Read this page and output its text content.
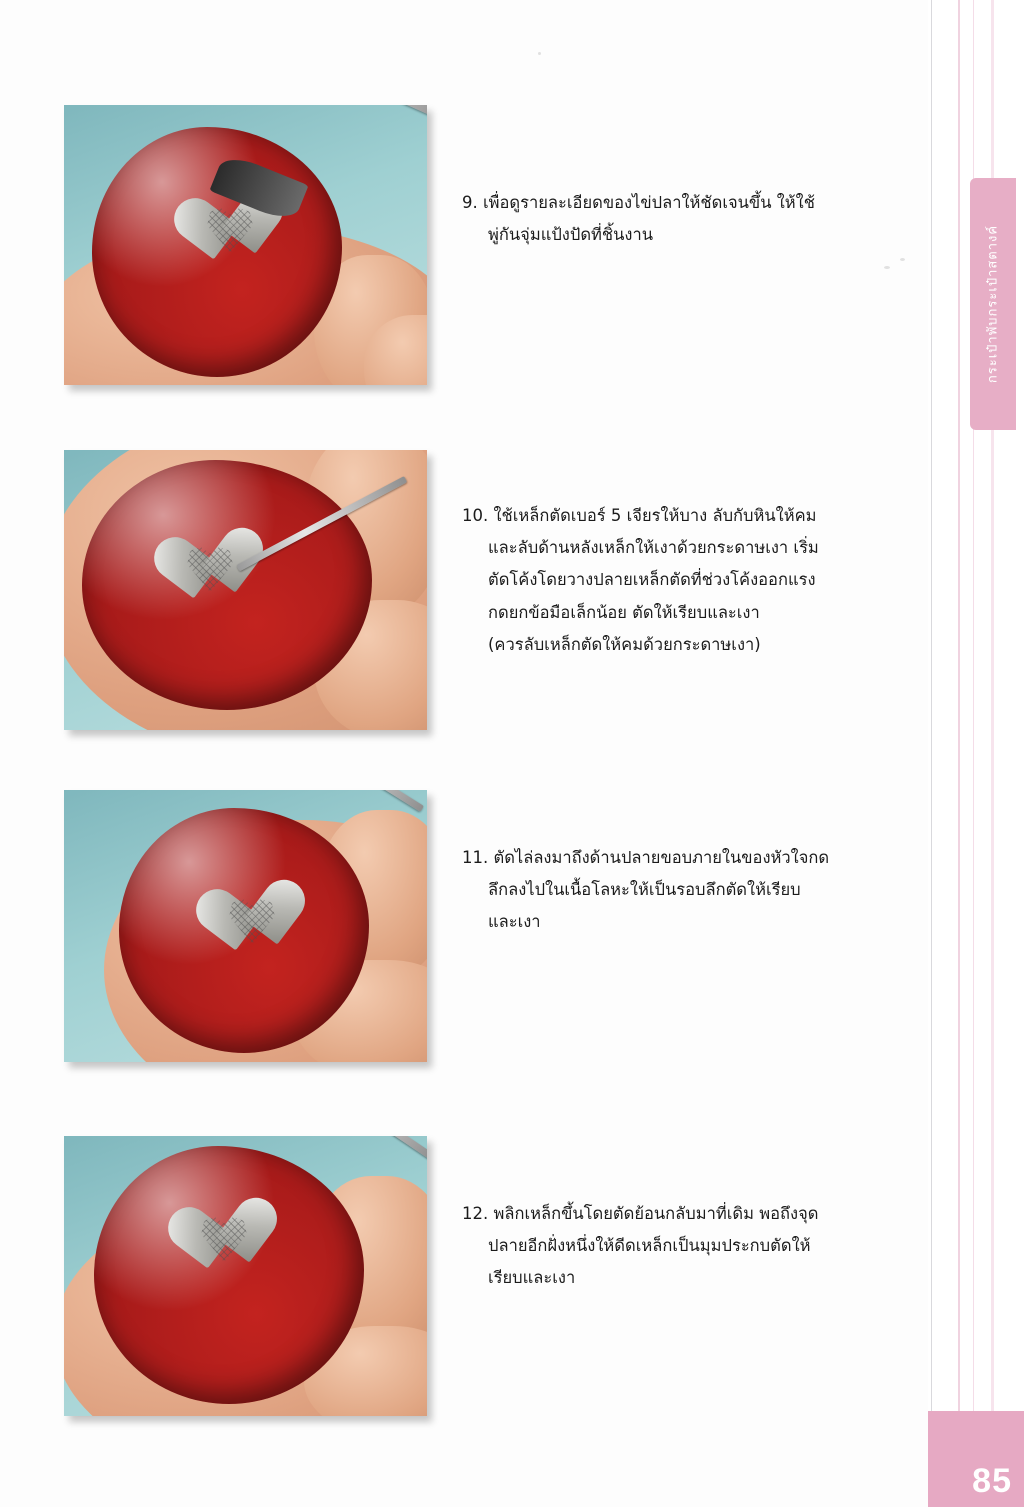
กระเป๋าพับกระเป๋าสตางค์
85
9. เพื่อดูรายละเอียดของไข่ปลาให้ชัดเจนขึ้น ให้ใช้
พู่กันจุ่มแป้งปัดที่ชิ้นงาน
10. ใช้เหล็กตัดเบอร์ 5 เจียรให้บาง ลับกับหินให้คม
และลับด้านหลังเหล็กให้เงาด้วยกระดาษเงา เริ่ม
ตัดโค้งโดยวางปลายเหล็กตัดที่ช่วงโค้งออกแรง
กดยกข้อมือเล็กน้อย ตัดให้เรียบและเงา
(ควรลับเหล็กตัดให้คมด้วยกระดาษเงา)
11. ตัดไล่ลงมาถึงด้านปลายขอบภายในของหัวใจกด
ลึกลงไปในเนื้อโลหะให้เป็นรอบลึกตัดให้เรียบ
และเงา
12. พลิกเหล็กขึ้นโดยตัดย้อนกลับมาที่เดิม พอถึงจุด
ปลายอีกฝั่งหนึ่งให้ดีดเหล็กเป็นมุมประกบตัดให้
เรียบและเงา
